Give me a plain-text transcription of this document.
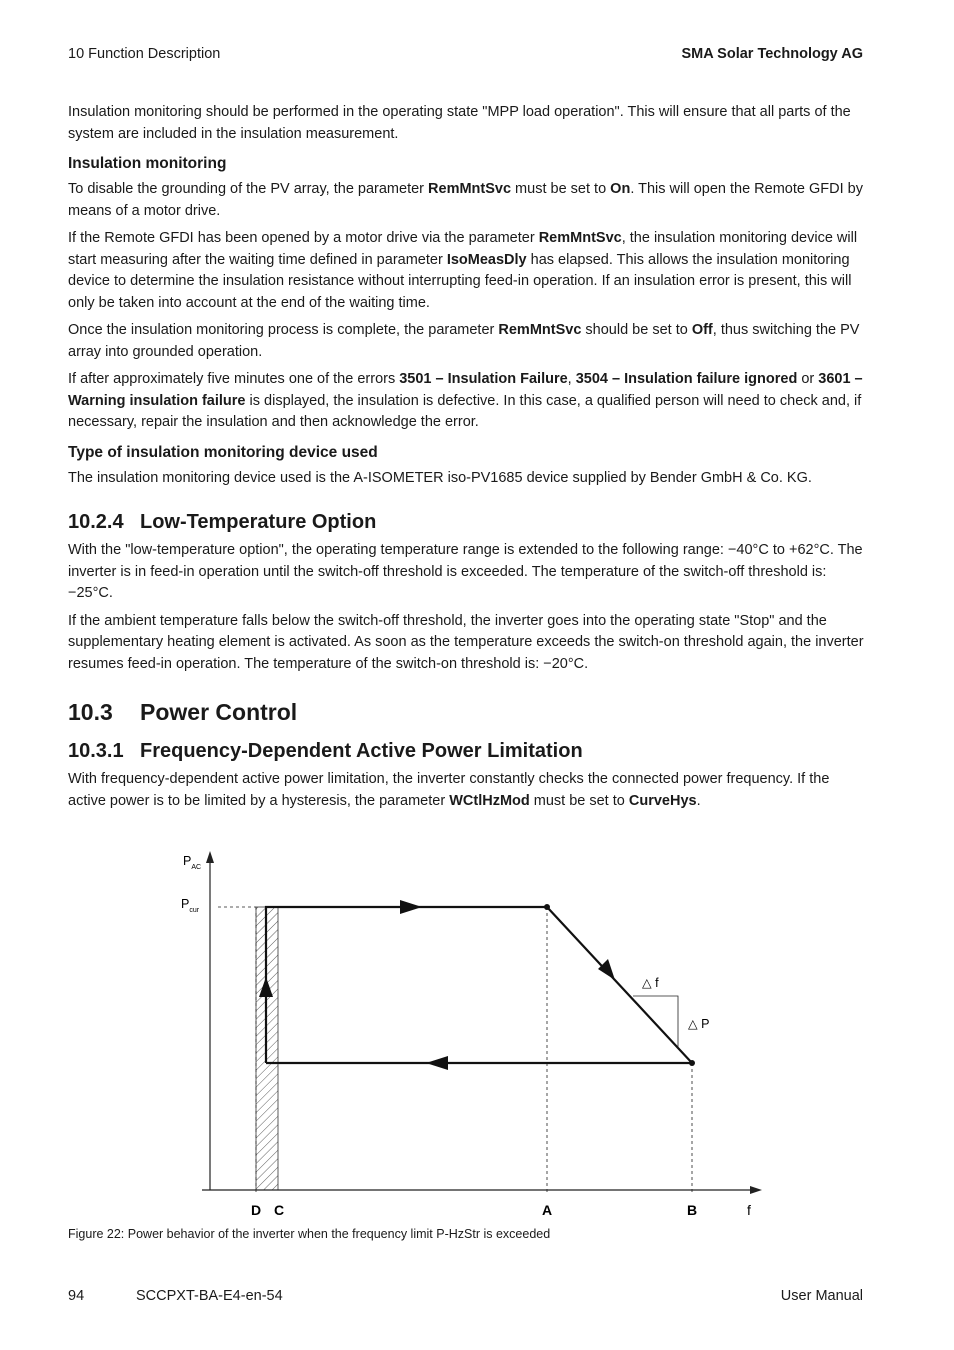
10 Function Description	SMA Solar Technology AG

Insulation monitoring should be performed in the operating state "MPP load operation". This will ensure that all parts of the system are included in the insulation measurement.

Insulation monitoring

To disable the grounding of the PV array, the parameter RemMntSvc must be set to On. This will open the Remote GFDI by means of a motor drive.

If the Remote GFDI has been opened by a motor drive via the parameter RemMntSvc, the insulation monitoring device will start measuring after the waiting time defined in parameter IsoMeasDly has elapsed. This allows the insulation monitoring device to determine the insulation resistance without interrupting feed-in operation. If an insulation error is present, this will only be taken into account at the end of the waiting time.

Once the insulation monitoring process is complete, the parameter RemMntSvc should be set to Off, thus switching the PV array into grounded operation.

If after approximately five minutes one of the errors 3501 – Insulation Failure, 3504 – Insulation failure ignored or 3601 – Warning insulation failure is displayed, the insulation is defective. In this case, a qualified person will need to check and, if necessary, repair the insulation and then acknowledge the error.

Type of insulation monitoring device used

The insulation monitoring device used is the A-ISOMETER iso-PV1685 device supplied by Bender GmbH & Co. KG.

10.2.4 Low-Temperature Option

With the "low-temperature option", the operating temperature range is extended to the following range: −40°C to +62°C. The inverter is in feed-in operation until the switch-off threshold is exceeded. The temperature of the switch-off threshold is: −25°C.

If the ambient temperature falls below the switch-off threshold, the inverter goes into the operating state "Stop" and the supplementary heating element is activated. As soon as the temperature exceeds the switch-on threshold again, the inverter resumes feed-in operation. The temperature of the switch-on threshold is: −20°C.

10.3 Power Control
10.3.1 Frequency-Dependent Active Power Limitation

With frequency-dependent active power limitation, the inverter constantly checks the connected power frequency. If the active power is to be limited by a hysteresis, the parameter WCtlHzMod must be set to CurveHys.

$P_{AC}$
$P_{cur}$
△ f
△ P
D C	A	B	f
Figure 22: Power behavior of the inverter when the frequency limit P-HzStr is exceeded
94	SCCPXT-BA-E4-en-54	User Manual
